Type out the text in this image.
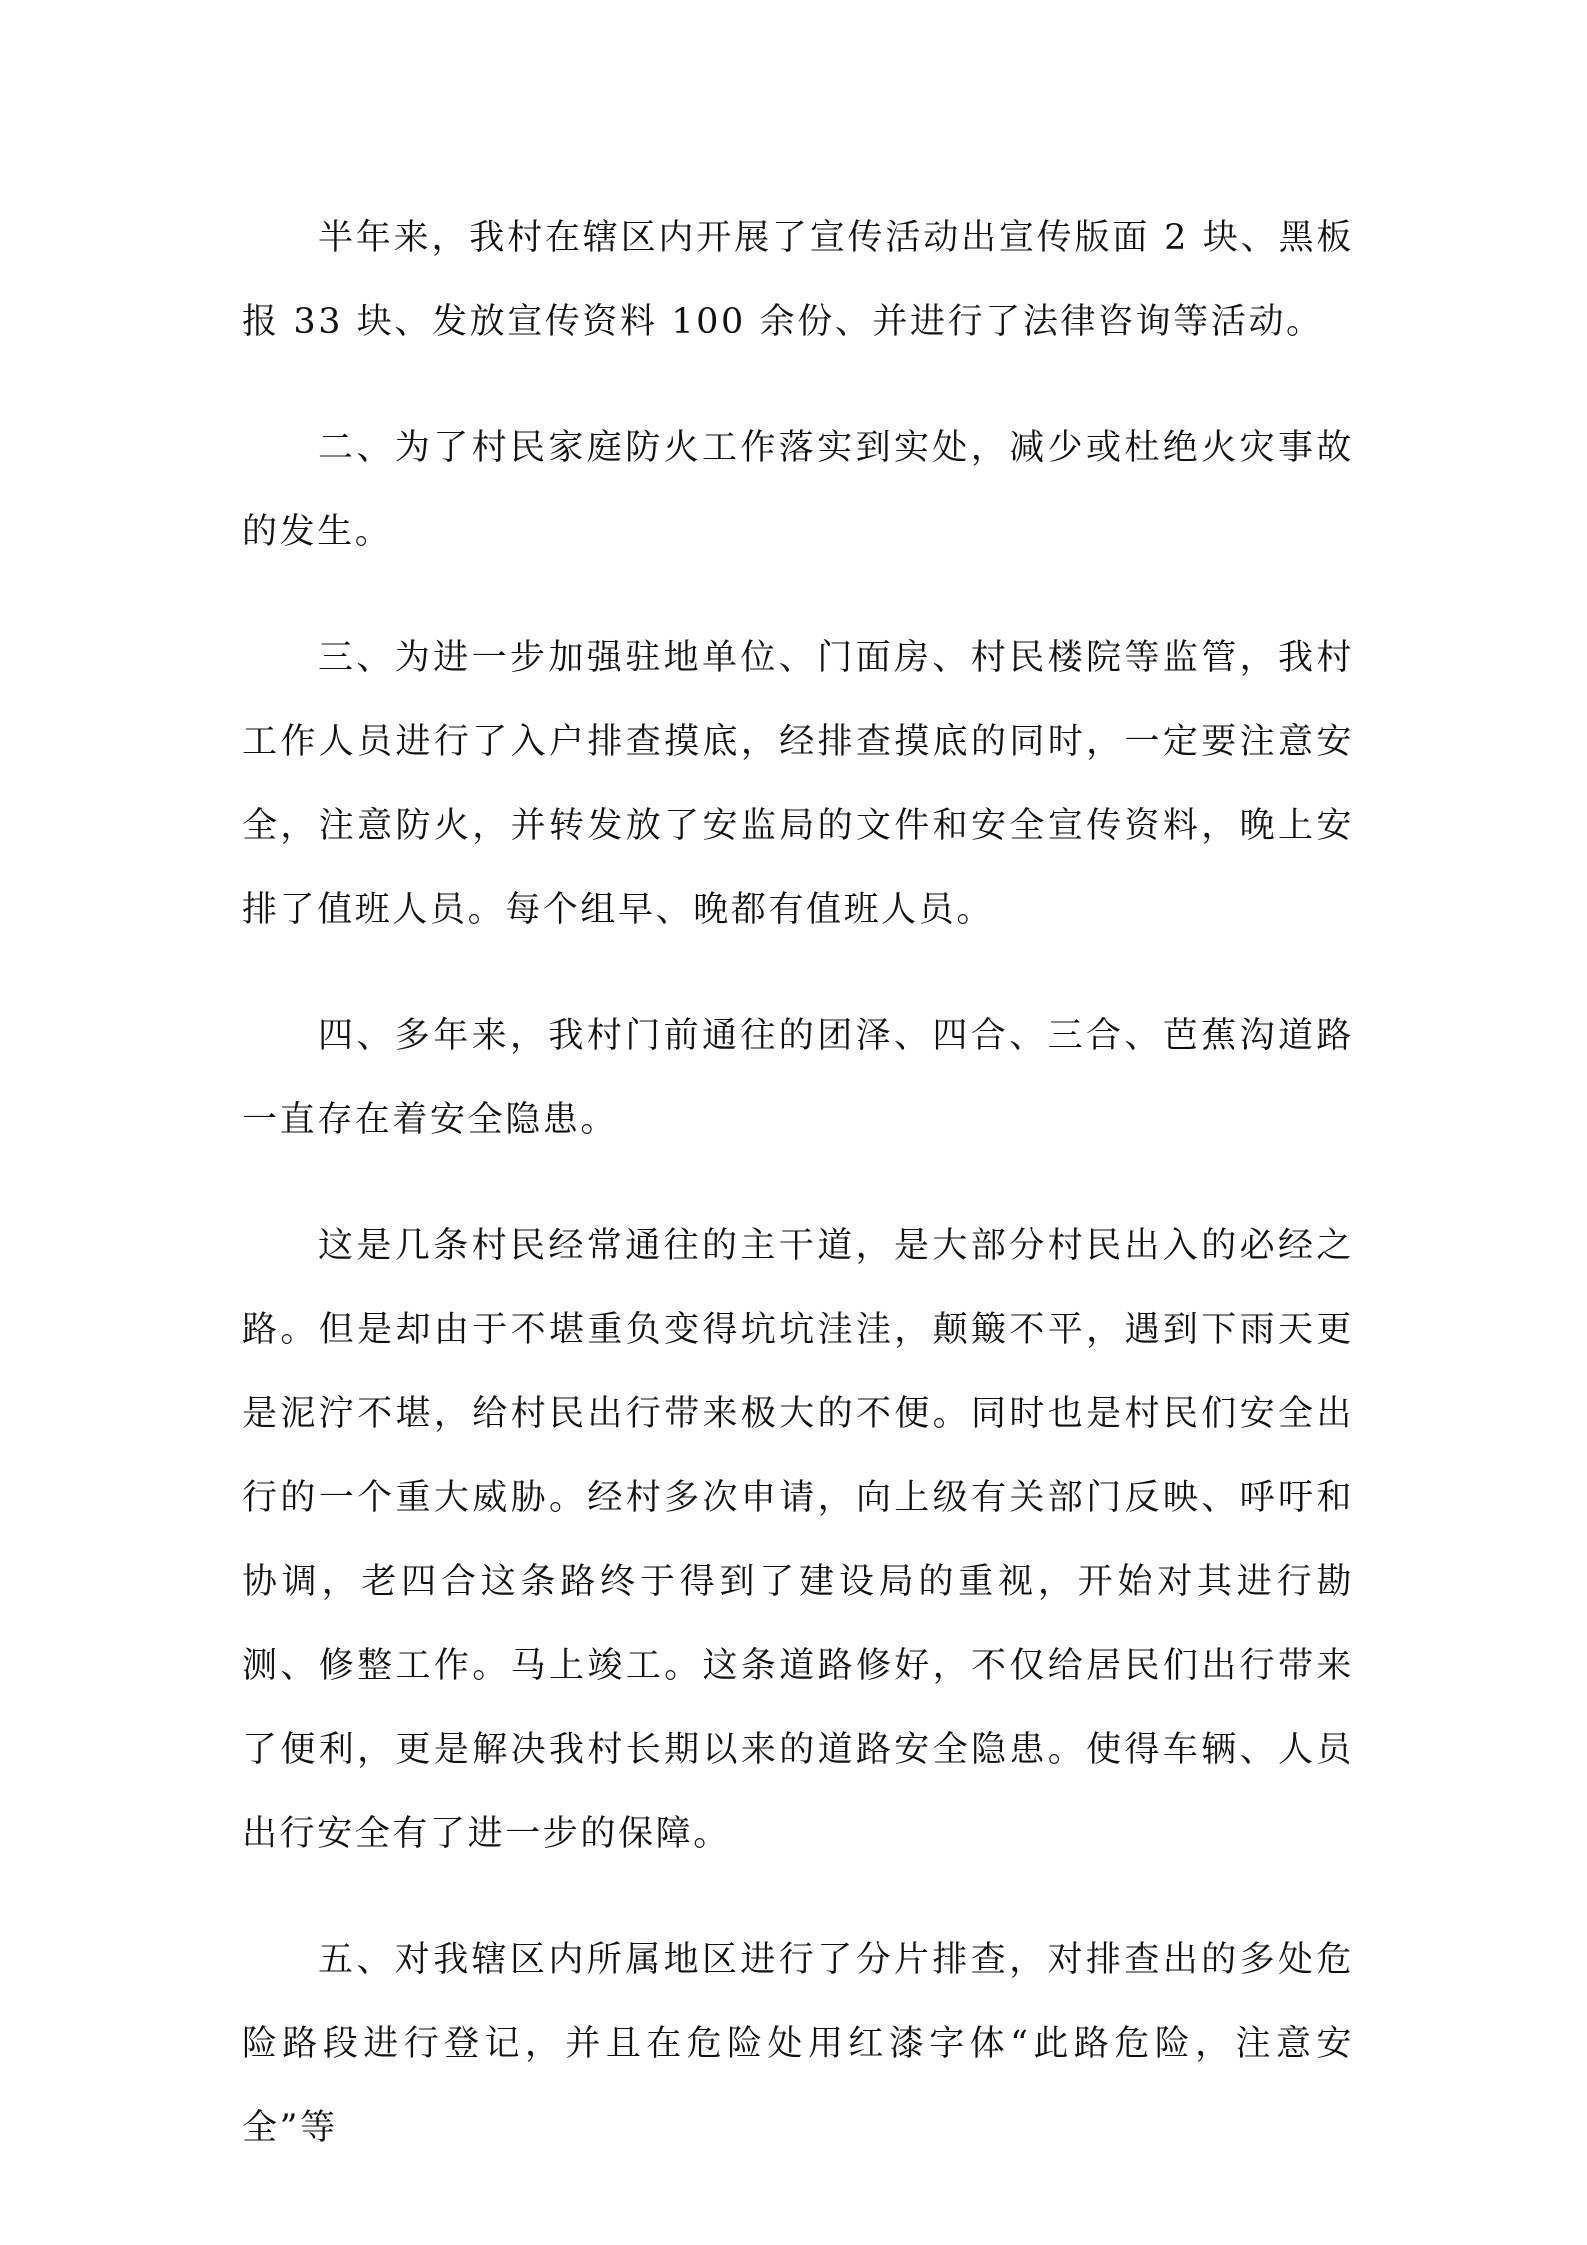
半年来，我村在辖区内开展了宣传活动出宣传版面 2 块、黑板报 33 块、发放宣传资料 100 余份、并进行了法律咨询等活动。

二、为了村民家庭防火工作落实到实处，减少或杜绝火灾事故的发生。

三、为进一步加强驻地单位、门面房、村民楼院等监管，我村工作人员进行了入户排查摸底，经排查摸底的同时，一定要注意安全，注意防火，并转发放了安监局的文件和安全宣传资料，晚上安排了值班人员。每个组早、晚都有值班人员。

四、多年来，我村门前通往的团泽、四合、三合、芭蕉沟道路一直存在着安全隐患。

这是几条村民经常通往的主干道，是大部分村民出入的必经之路。但是却由于不堪重负变得坑坑洼洼，颠簸不平，遇到下雨天更是泥泞不堪，给村民出行带来极大的不便。同时也是村民们安全出行的一个重大威胁。经村多次申请，向上级有关部门反映、呼吁和协调，老四合这条路终于得到了建设局的重视，开始对其进行勘测、修整工作。马上竣工。这条道路修好，不仅给居民们出行带来了便利，更是解决我村长期以来的道路安全隐患。使得车辆、人员出行安全有了进一步的保障。

五、对我辖区内所属地区进行了分片排查，对排查出的多处危险路段进行登记，并且在危险处用红漆字体“此路危险，注意安全”等
